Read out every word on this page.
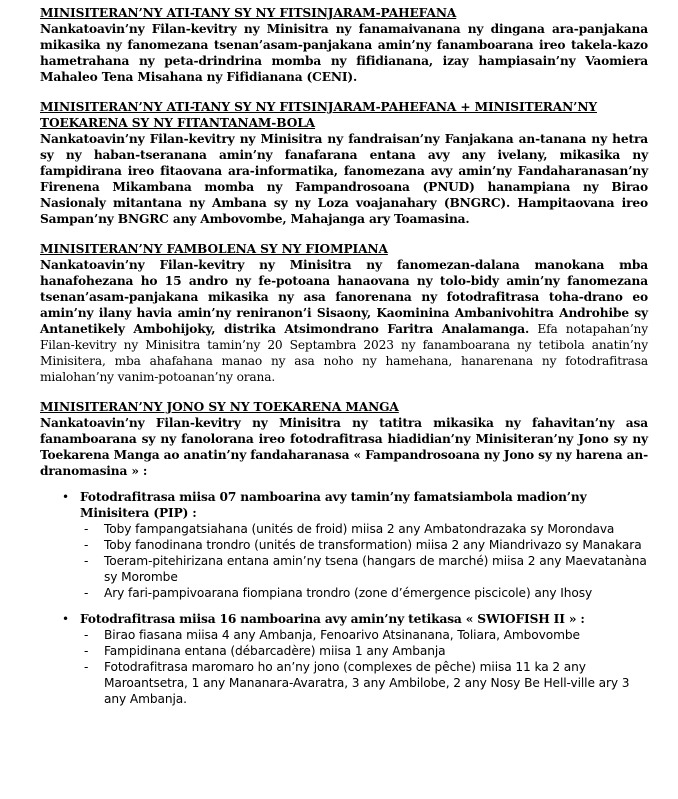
MINISITERAN’NY ATI-TANY SY NY FITSINJARAM-PAHEFANA

Nankatoavin’ny Filan-kevitry ny Minisitra ny fanamaivanana ny dingana ara-panjakana mikasika ny fanomezana tsenan’asam-panjakana amin’ny fanamboarana ireo takela-kazo hametrahana ny peta-drindrina momba ny fifidianana, izay hampiasain’ny Vaomiera Mahaleo Tena Misahana ny Fifidianana (CENI).

MINISITERAN’NY ATI-TANY SY NY FITSINJARAM-PAHEFANA + MINISITERAN’NY TOEKARENA SY NY FITANTANAM-BOLA

Nankatoavin’ny Filan-kevitry ny Minisitra ny fandraisan’ny Fanjakana an-tanana ny hetra sy ny haban-tseranana amin’ny fanafarana entana avy any ivelany, mikasika ny fampidirana ireo fitaovana ara-informatika, fanomezana avy amin’ny Fandaharanasan’ny Firenena Mikambana momba ny Fampandrosoana (PNUD) hanampiana ny Birao Nasionaly mitantana ny Ambana sy ny Loza voajanahary (BNGRC). Hampitaovana ireo Sampan’ny BNGRC any Ambovombe, Mahajanga ary Toamasina.

MINISITERAN’NY FAMBOLENA SY NY FIOMPIANA

Nankatoavin’ny Filan-kevitry ny Minisitra ny fanomezan-dalana manokana mba hanafohezana ho 15 andro ny fe-potoana hanaovana ny tolo-bidy amin’ny fanomezana tsenan’asam-panjakana mikasika ny asa fanorenana ny fotodrafitrasa toha-drano eo amin’ny ilany havia amin’ny reniranon’i Sisaony, Kaominina Ambanivohitra Androhibe sy Antanetikely Ambohijoky, distrika Atsimondrano Faritra Analamanga. Efa notapahan’ny Filan-kevitry ny Minisitra tamin’ny 20 Septambra 2023 ny fanamboarana ny tetibola anatin’ny Minisitera, mba ahafahana manao ny asa noho ny hamehana, hanarenana ny fotodrafitrasa mialohan’ny vanim-potoanan’ny orana.

MINISITERAN’NY JONO SY NY TOEKARENA MANGA

Nankatoavin’ny Filan-kevitry ny Minisitra ny tatitra mikasika ny fahavitan’ny asa fanamboarana sy ny fanolorana ireo fotodrafitrasa hiadidian’ny Minisiteran’ny Jono sy ny Toekarena Manga ao anatin’ny fandaharanasa « Fampandrosoana ny Jono sy ny harena an-dranomasina » :

• Fotodrafitrasa miisa 07 namboarina avy tamin’ny famatsiambola madion’ny Minisitera (PIP) :
- Toby fampangatsiahana (unités de froid) miisa 2 any Ambatondrazaka sy Morondava
- Toby fanodinana trondro (unités de transformation) miisa 2 any Miandrivazo sy Manakara
- Toeram-pitehirizana entana amin’ny tsena (hangars de marché) miisa 2 any Maevatanàna sy Morombe
- Ary fari-pampivoarana fiompiana trondro (zone d’émergence piscicole) any Ihosy
• Fotodrafitrasa miisa 16 namboarina avy amin’ny tetikasa « SWIOFISH II » :
- Birao fiasana miisa 4 any Ambanja, Fenoarivo Atsinanana, Toliara, Ambovombe
- Fampidinana entana (débarcadère) miisa 1 any Ambanja
- Fotodrafitrasa maromaro ho an’ny jono (complexes de pêche) miisa 11 ka 2 any Maroantsetra, 1 any Mananara-Avaratra, 3 any Ambilobe, 2 any Nosy Be Hell-ville ary 3 any Ambanja.
